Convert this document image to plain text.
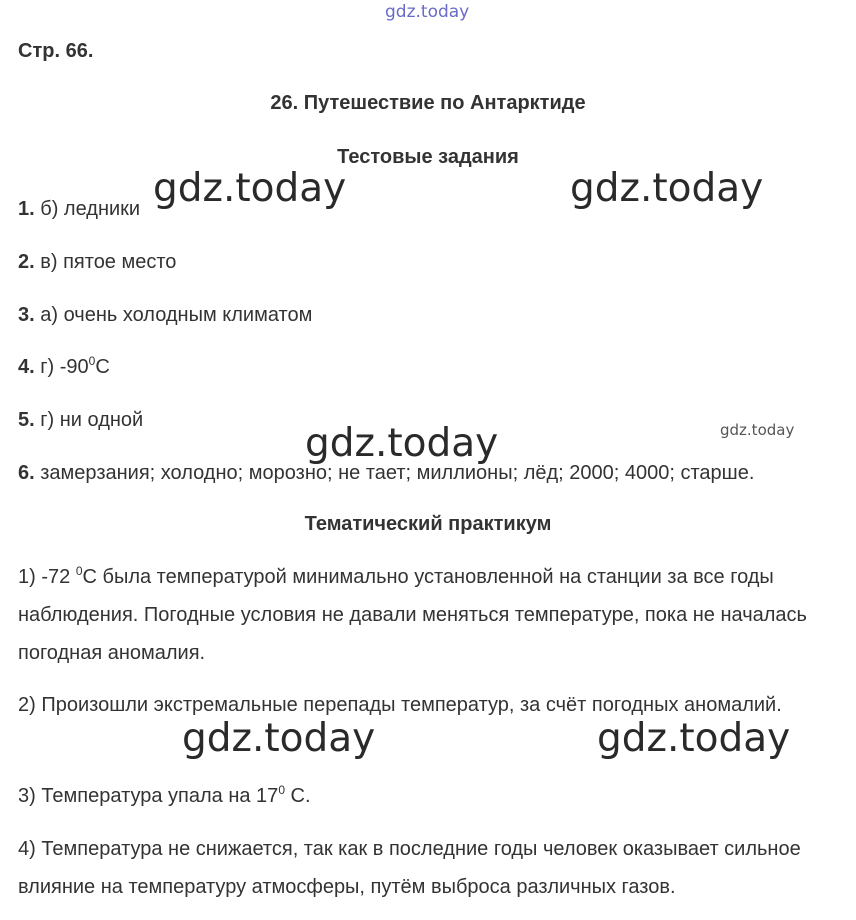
gdz.today
gdz.today	gdz.today
gdz.today	gdz.today
gdz.today	gdz.today
Стр. 66.
26. Путешествие по Антарктиде
Тестовые задания
1. б) ледники
2. в) пятое место
3. а) очень холодным климатом
4. г) $-90^0С$
5. г) ни одной
6. замерзания; холодно; морозно; не тает; миллионы; лёд; 2000; 4000; старше.
Тематический практикум
1) -72 $^0$С была температурой минимально установленной на станции за все годы наблюдения. Погодные условия не давали меняться температуре, пока не началась погодная аномалия.
2) Произошли экстремальные перепады температур, за счёт погодных аномалий.
3) Температура упала на $17^0$ С.
4) Температура не снижается, так как в последние годы человек оказывает сильное влияние на температуру атмосферы, путём выброса различных газов.
